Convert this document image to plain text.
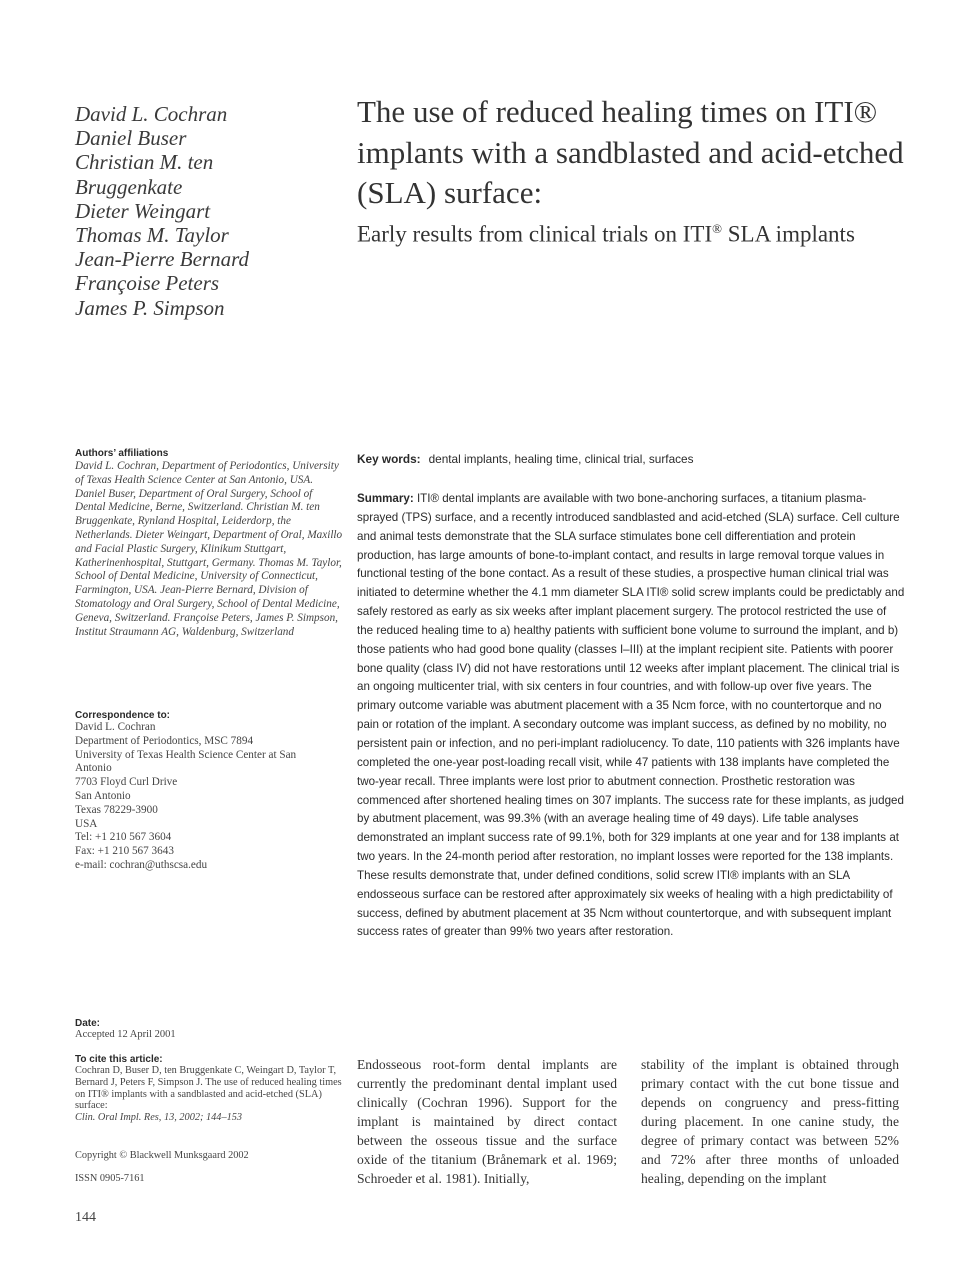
David L. Cochran
Daniel Buser
Christian M. ten
Bruggenkate
Dieter Weingart
Thomas M. Taylor
Jean-Pierre Bernard
Françoise Peters
James P. Simpson
The use of reduced healing times on ITI® implants with a sandblasted and acid-etched (SLA) surface:
Early results from clinical trials on ITI® SLA implants
Authors’ affiliations
David L. Cochran, Department of Periodontics, University of Texas Health Science Center at San Antonio, USA. Daniel Buser, Department of Oral Surgery, School of Dental Medicine, Berne, Switzerland. Christian M. ten Bruggenkate, Rynland Hospital, Leiderdorp, the Netherlands. Dieter Weingart, Department of Oral, Maxillo and Facial Plastic Surgery, Klinikum Stuttgart, Katherinenhospital, Stuttgart, Germany. Thomas M. Taylor, School of Dental Medicine, University of Connecticut, Farmington, USA. Jean-Pierre Bernard, Division of Stomatology and Oral Surgery, School of Dental Medicine, Geneva, Switzerland. Françoise Peters, James P. Simpson, Institut Straumann AG, Waldenburg, Switzerland
Correspondence to:
David L. Cochran
Department of Periodontics, MSC 7894
University of Texas Health Science Center at San
Antonio
7703 Floyd Curl Drive
San Antonio
Texas 78229-3900
USA
Tel: +1 210 567 3604
Fax: +1 210 567 3643
e-mail: cochran@uthscsa.edu
Key words: dental implants, healing time, clinical trial, surfaces
Summary: ITI® dental implants are available with two bone-anchoring surfaces, a titanium plasma-sprayed (TPS) surface, and a recently introduced sandblasted and acid-etched (SLA) surface. Cell culture and animal tests demonstrate that the SLA surface stimulates bone cell differentiation and protein production, has large amounts of bone-to-implant contact, and results in large removal torque values in functional testing of the bone contact. As a result of these studies, a prospective human clinical trial was initiated to determine whether the 4.1 mm diameter SLA ITI® solid screw implants could be predictably and safely restored as early as six weeks after implant placement surgery. The protocol restricted the use of the reduced healing time to a) healthy patients with sufficient bone volume to surround the implant, and b) those patients who had good bone quality (classes I–III) at the implant recipient site. Patients with poorer bone quality (class IV) did not have restorations until 12 weeks after implant placement. The clinical trial is an ongoing multicenter trial, with six centers in four countries, and with follow-up over five years. The primary outcome variable was abutment placement with a 35 Ncm force, with no countertorque and no pain or rotation of the implant. A secondary outcome was implant success, as defined by no mobility, no persistent pain or infection, and no peri-implant radiolucency. To date, 110 patients with 326 implants have completed the one-year post-loading recall visit, while 47 patients with 138 implants have completed the two-year recall. Three implants were lost prior to abutment connection. Prosthetic restoration was commenced after shortened healing times on 307 implants. The success rate for these implants, as judged by abutment placement, was 99.3% (with an average healing time of 49 days). Life table analyses demonstrated an implant success rate of 99.1%, both for 329 implants at one year and for 138 implants at two years. In the 24-month period after restoration, no implant losses were reported for the 138 implants. These results demonstrate that, under defined conditions, solid screw ITI® implants with an SLA endosseous surface can be restored after approximately six weeks of healing with a high predictability of success, defined by abutment placement at 35 Ncm without countertorque, and with subsequent implant success rates of greater than 99% two years after restoration.
Date:
Accepted 12 April 2001
To cite this article:
Cochran D, Buser D, ten Bruggenkate C, Weingart D, Taylor T, Bernard J, Peters F, Simpson J. The use of reduced healing times on ITI® implants with a sandblasted and acid-etched (SLA) surface:
Clin. Oral Impl. Res, 13, 2002; 144–153
Copyright © Blackwell Munksgaard 2002
ISSN 0905-7161
144
Endosseous root-form dental implants are currently the predominant dental implant used clinically (Cochran 1996). Support for the implant is maintained by direct contact between the osseous tissue and the surface oxide of the titanium (Brånemark et al. 1969; Schroeder et al. 1981). Initially,
stability of the implant is obtained through primary contact with the cut bone tissue and depends on congruency and press-fitting during placement. In one canine study, the degree of primary contact was between 52% and 72% after three months of unloaded healing, depending on the implant
